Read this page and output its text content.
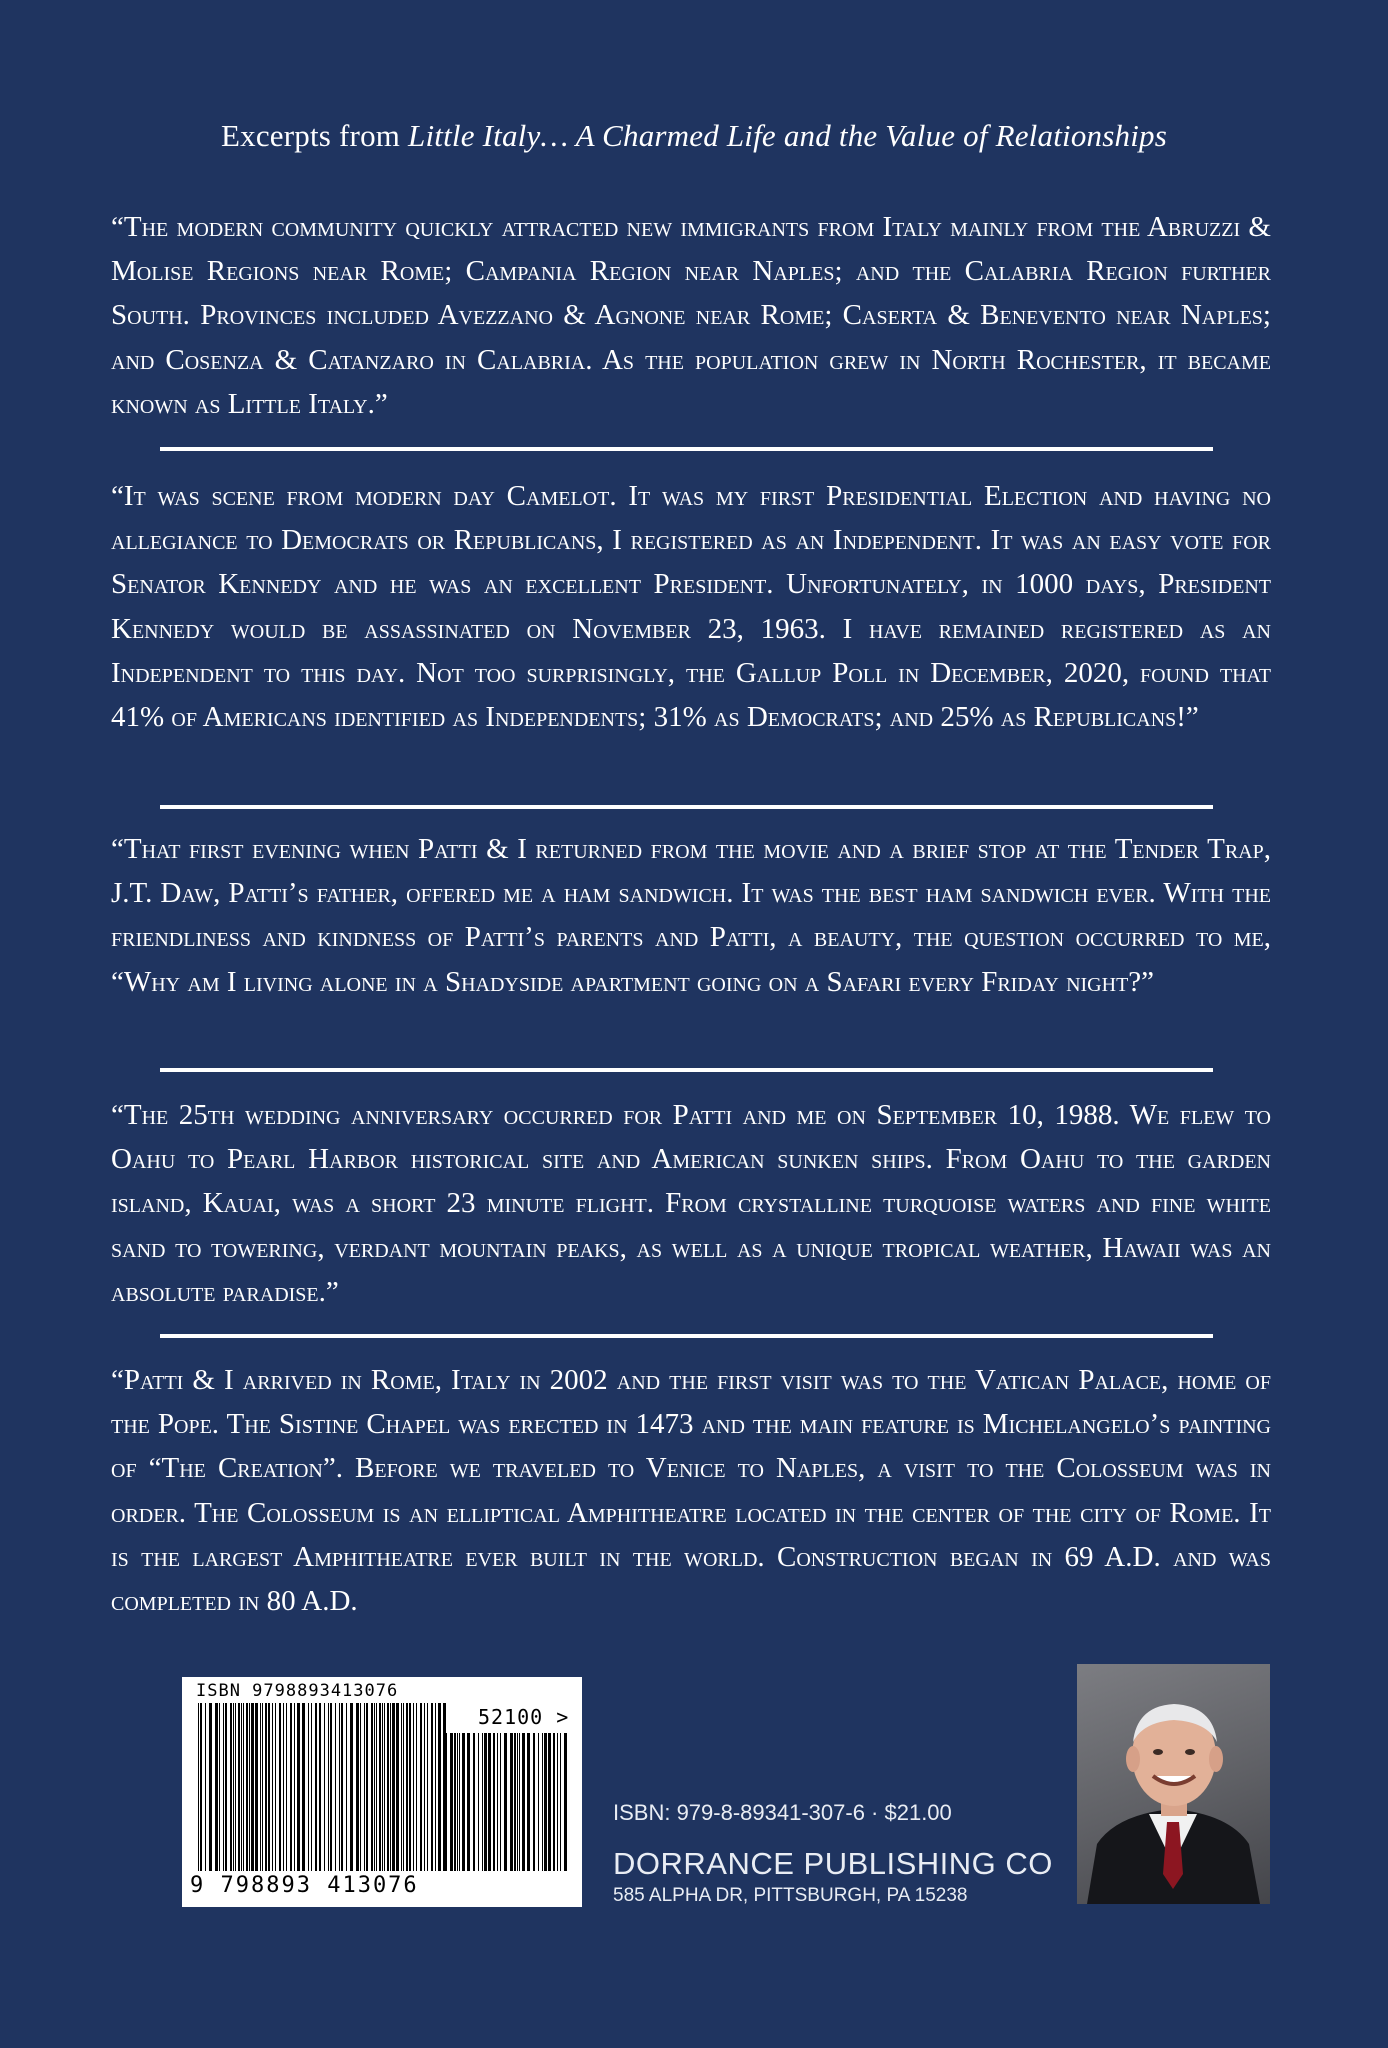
Excerpts from Little Italy… A Charmed Life and the Value of Relationships

“The modern community quickly attracted new immigrants from Italy mainly from the Abruzzi & Molise Regions near Rome; Campania Region near Naples; and the Calabria Region further South. Provinces included Avezzano & Agnone near Rome; Caserta & Benevento near Naples; and Cosenza & Catanzaro in Calabria. As the population grew in North Rochester, it became known as Little Italy.”

“It was scene from modern day Camelot. It was my first Presidential Election and having no allegiance to Democrats or Republicans, I registered as an Independent. It was an easy vote for Senator Kennedy and he was an excellent President. Unfortunately, in 1000 days, President Kennedy would be assassinated on November 23, 1963. I have remained registered as an Independent to this day. Not too surprisingly, the Gallup Poll in December, 2020, found that 41% of Americans identified as Independents; 31% as Democrats; and 25% as Republicans!”

“That first evening when Patti & I returned from the movie and a brief stop at the Tender Trap, J.T. Daw, Patti’s father, offered me a ham sandwich. It was the best ham sandwich ever. With the friendliness and kindness of Patti’s parents and Patti, a beauty, the question occurred to me, “Why am I living alone in a Shadyside apartment going on a Safari every Friday night?”

“The 25th wedding anniversary occurred for Patti and me on September 10, 1988. We flew to Oahu to Pearl Harbor historical site and American sunken ships. From Oahu to the garden island, Kauai, was a short 23 minute flight. From crystalline turquoise waters and fine white sand to towering, verdant mountain peaks, as well as a unique tropical weather, Hawaii was an absolute paradise.”

“Patti & I arrived in Rome, Italy in 2002 and the first visit was to the Vatican Palace, home of the Pope. The Sistine Chapel was erected in 1473 and the main feature is Michelangelo’s painting of “The Creation”. Before we traveled to Venice to Naples, a visit to the Colosseum was in order. The Colosseum is an elliptical Amphitheatre located in the center of the city of Rome. It is the largest Amphitheatre ever built in the world. Construction began in 69 A.D. and was completed in 80 A.D.

ISBN 9798893413076
52100 >
9 798893 413076
ISBN: 979-8-89341-307-6 · $21.00
DORRANCE PUBLISHING CO
585 ALPHA DR, PITTSBURGH, PA 15238
